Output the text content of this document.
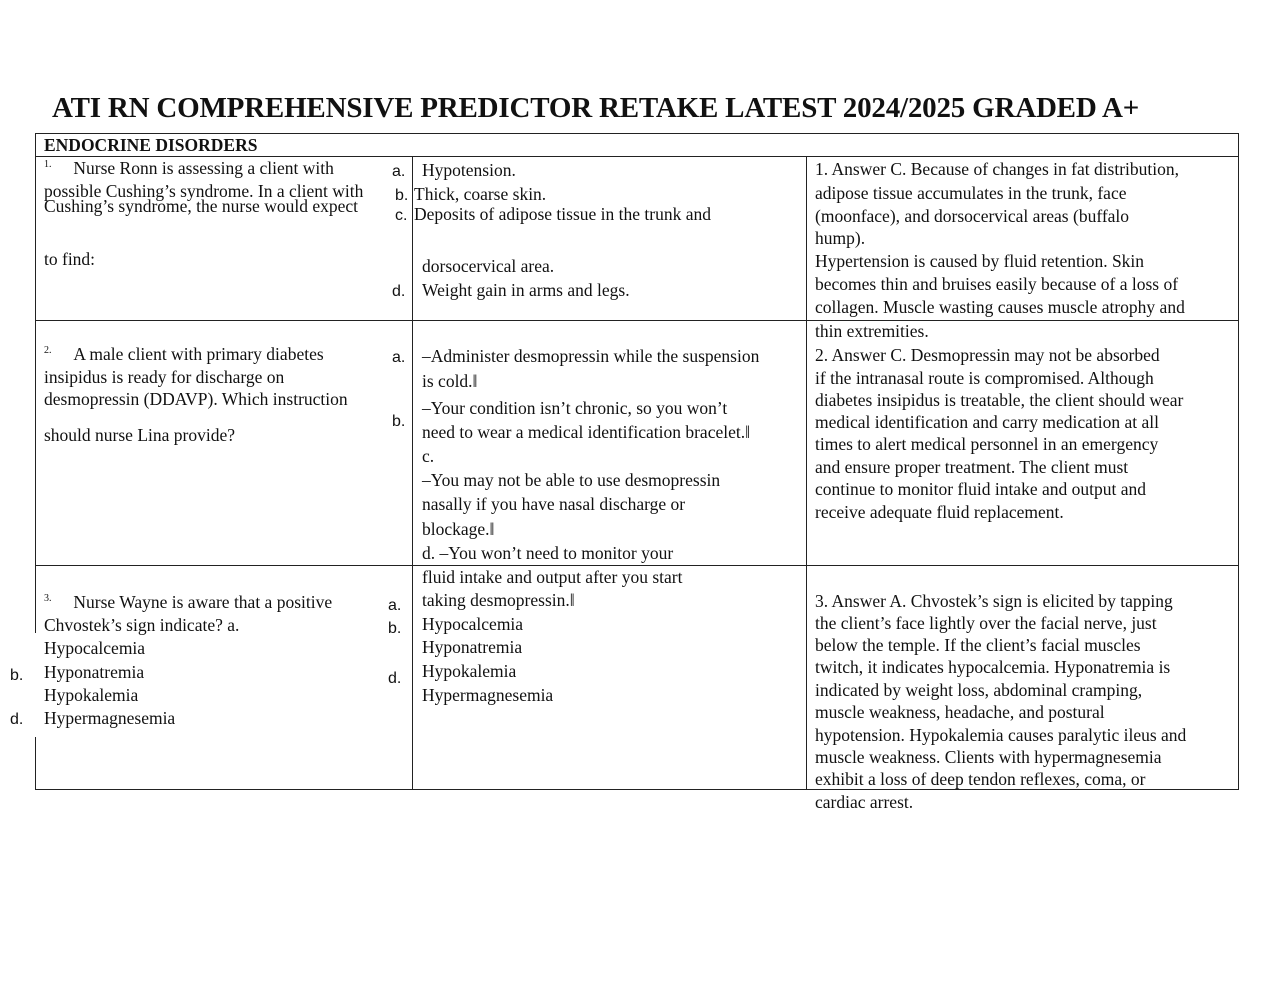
ATI RN COMPREHENSIVE PREDICTOR RETAKE LATEST 2024/2025 GRADED A+
ENDOCRINE DISORDERS
$^{1.}$ Nurse Ronn is assessing a client with
possible Cushing’s syndrome. In a client with
Cushing’s syndrome, the nurse would expect
to find:
a.
b.
c.
d.
Hypotension.
Thick, coarse skin.
Deposits of adipose tissue in the trunk and
dorsocervical area.
Weight gain in arms and legs.
1. Answer C. Because of changes in fat distribution,
adipose tissue accumulates in the trunk, face
(moonface), and dorsocervical areas (buffalo
hump).
Hypertension is caused by fluid retention. Skin
becomes thin and bruises easily because of a loss of
collagen. Muscle wasting causes muscle atrophy and
thin extremities.
$^{2.}$ A male client with primary diabetes
insipidus is ready for discharge on
desmopressin (DDAVP). Which instruction
should nurse Lina provide?
a.
b.
‒Administer desmopressin while the suspension
is cold.‖
‒Your condition isn’t chronic, so you won’t
need to wear a medical identification bracelet.‖
c.
‒You may not be able to use desmopressin
nasally if you have nasal discharge or
blockage.‖
d. ‒You won’t need to monitor your
fluid intake and output after you start
taking desmopressin.‖
2. Answer C. Desmopressin may not be absorbed
if the intranasal route is compromised. Although
diabetes insipidus is treatable, the client should wear
medical identification and carry medication at all
times to alert medical personnel in an emergency
and ensure proper treatment. The client must
continue to monitor fluid intake and output and
receive adequate fluid replacement.
$^{3.}$ Nurse Wayne is aware that a positive
Chvostek’s sign indicate? a.
Hypocalcemia
Hyponatremia
Hypokalemia
Hypermagnesemia
b.
d.
a.
b.
d.
Hypocalcemia
Hyponatremia
Hypokalemia
Hypermagnesemia
3. Answer A. Chvostek’s sign is elicited by tapping
the client’s face lightly over the facial nerve, just
below the temple. If the client’s facial muscles
twitch, it indicates hypocalcemia. Hyponatremia is
indicated by weight loss, abdominal cramping,
muscle weakness, headache, and postural
hypotension. Hypokalemia causes paralytic ileus and
muscle weakness. Clients with hypermagnesemia
exhibit a loss of deep tendon reflexes, coma, or
cardiac arrest.
